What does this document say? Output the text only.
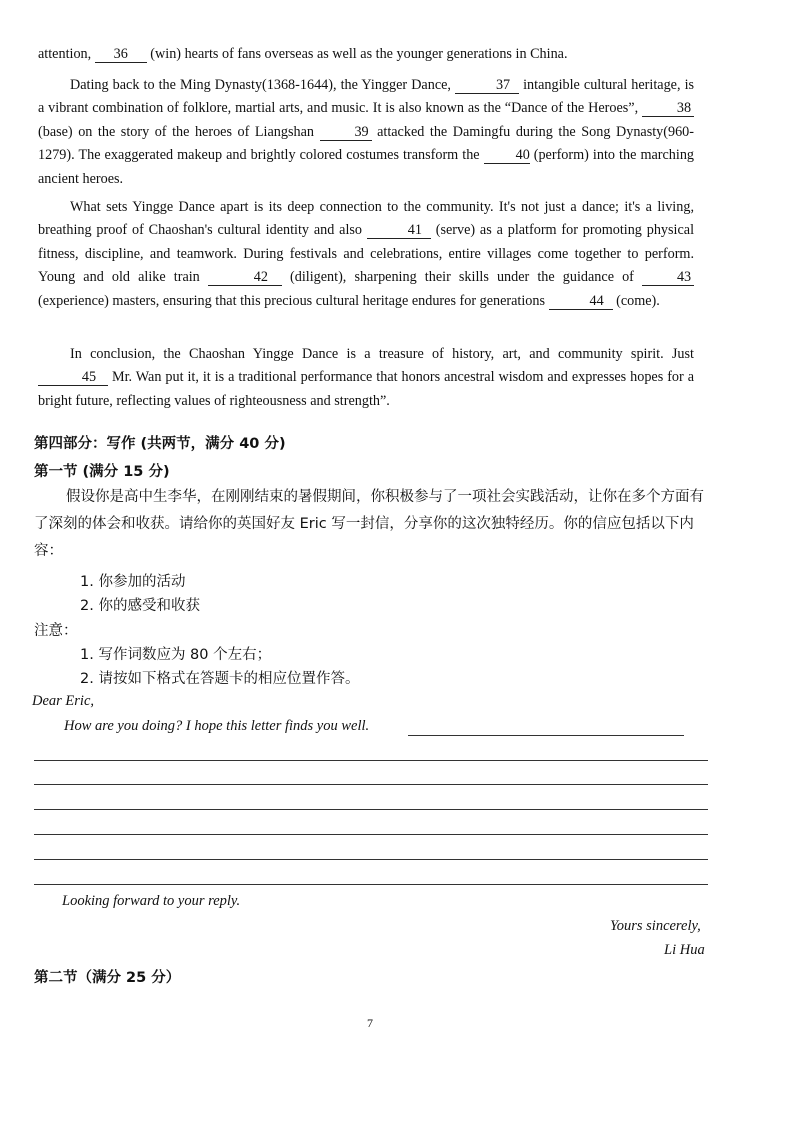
attention, 36 (win) hearts of fans overseas as well as the younger generations in China.
Dating back to the Ming Dynasty(1368-1644), the Yingger Dance,	37 intangible cultural heritage, is a vibrant combination of folklore, martial arts, and music. It is also known as the “Dance of the Heroes”,	38 (base) on the story of the heroes of Liangshan	39 attacked the Damingfu during the Song Dynasty(960-1279). The exaggerated makeup and brightly colored costumes transform the	40 (perform) into the marching ancient heroes.
What sets Yingge Dance apart is its deep connection to the community. It's not just a dance; it's a living, breathing proof of Chaoshan's cultural identity and also	41 (serve) as a platform for promoting physical fitness, discipline, and teamwork. During festivals and celebrations, entire villages come together to perform. Young and old alike train	42 (diligent), sharpening their skills under the guidance of	43 (experience) masters, ensuring that this precious cultural heritage endures for generations	44 (come).
In conclusion, the Chaoshan Yingge Dance is a treasure of history, art, and community spirit. Just 45 Mr. Wan put it, it is a traditional performance that honors ancestral wisdom and expresses hopes for a bright future, reflecting values of righteousness and strength”.
第四部分：写作 (共两节，满分 40 分)
第一节 (满分 15 分)
假设你是高中生李华，在刚刚结束的暑假期间，你积极参与了一项社会实践活动，让你在多个方面有了深刻的体会和收获。请给你的英国好友 Eric 写一封信，分享你的这次独特经历。你的信应包括以下内容：
1. 你参加的活动
2. 你的感受和收获
注意：
1. 写作词数应为 80 个左右；
2. 请按如下格式在答题卡的相应位置作答。
Dear Eric,
How are you doing? I hope this letter finds you well.
Looking forward to your reply.
Yours sincerely,
Li Hua
第二节（满分 25 分）
7
